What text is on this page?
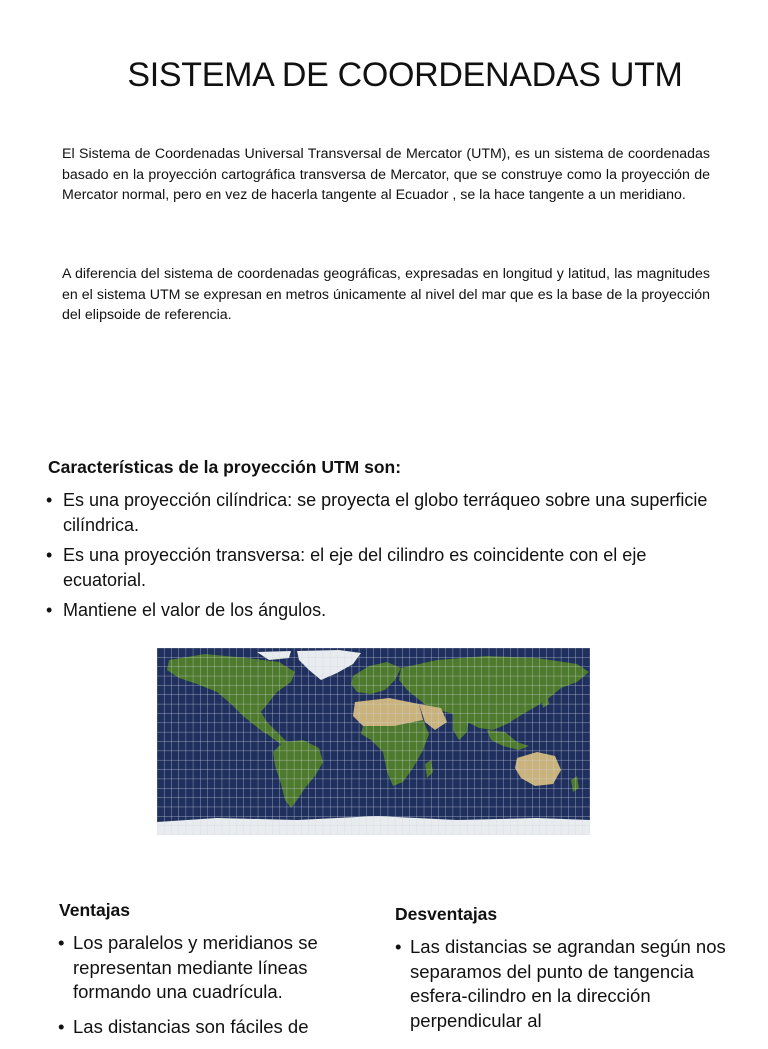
SISTEMA DE COORDENADAS UTM
El Sistema de Coordenadas Universal Transversal de Mercator (UTM), es un sistema de coordenadas basado en la proyección cartográfica transversa de Mercator, que se construye como la proyección de Mercator normal, pero en vez de hacerla tangente al Ecuador , se la hace tangente a un meridiano.
A diferencia del sistema de coordenadas geográficas, expresadas en longitud y latitud, las magnitudes en el sistema UTM se expresan en metros únicamente al nivel del mar que es la base de la proyección del elipsoide de referencia.
Características de la proyección UTM son:
• Es una proyección cilíndrica: se proyecta el globo terráqueo sobre una superficie cilíndrica.
• Es una proyección transversa: el eje del cilindro es coincidente con el eje ecuatorial.
• Mantiene el valor de los ángulos.
Ventajas
• Los paralelos y meridianos se representan mediante líneas formando una cuadrícula.
• Las distancias son fáciles de
Desventajas
• Las distancias se agrandan según nos separamos del punto de tangencia esfera-cilindro en la dirección perpendicular al
